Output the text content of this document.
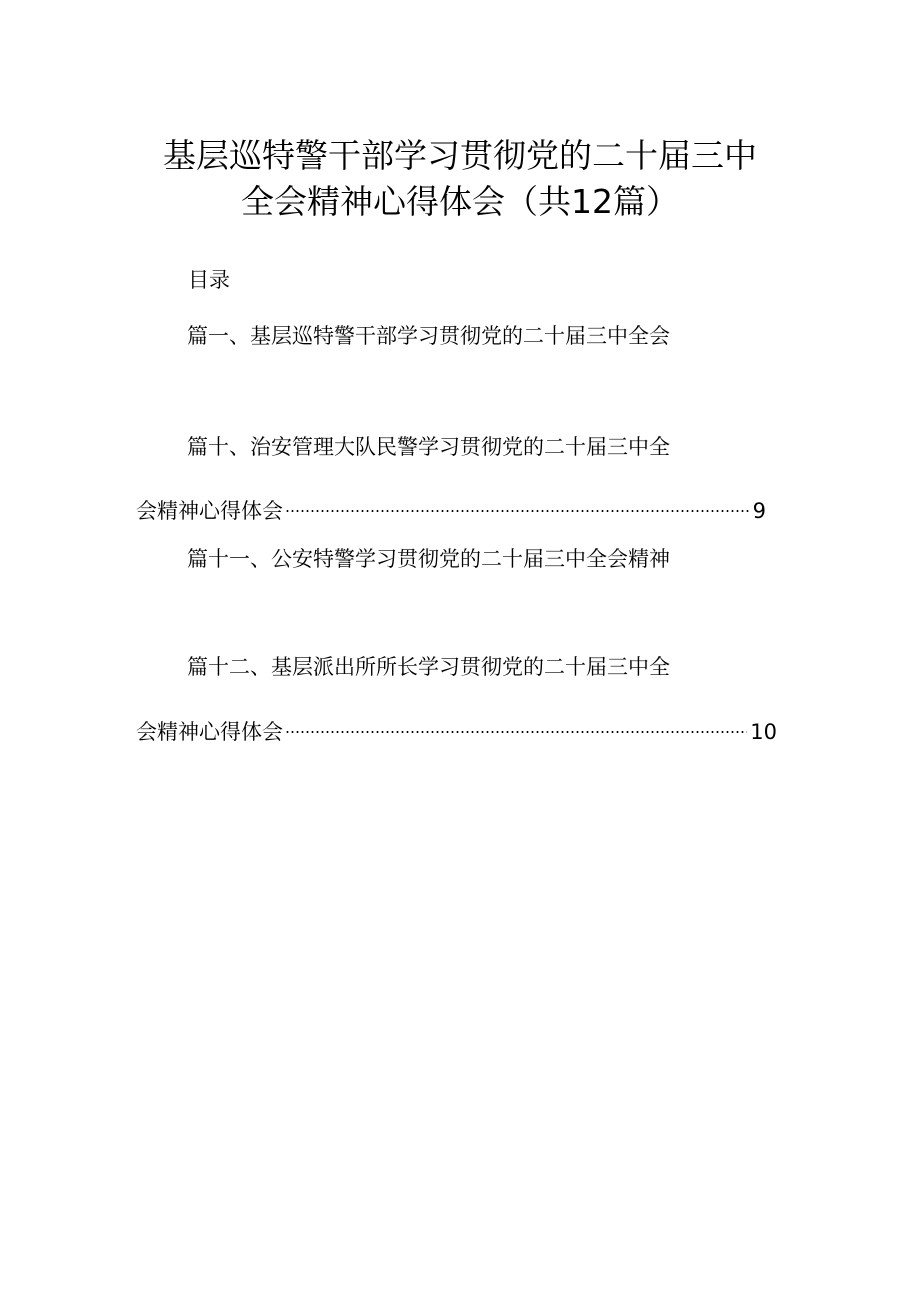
基层巡特警干部学习贯彻党的二十届三中
全会精神心得体会（共12篇）
目录
篇一、基层巡特警干部学习贯彻党的二十届三中全会
篇十、治安管理大队民警学习贯彻党的二十届三中全
会精神心得体会	9
篇十一、公安特警学习贯彻党的二十届三中全会精神
篇十二、基层派出所所长学习贯彻党的二十届三中全
会精神心得体会	10
